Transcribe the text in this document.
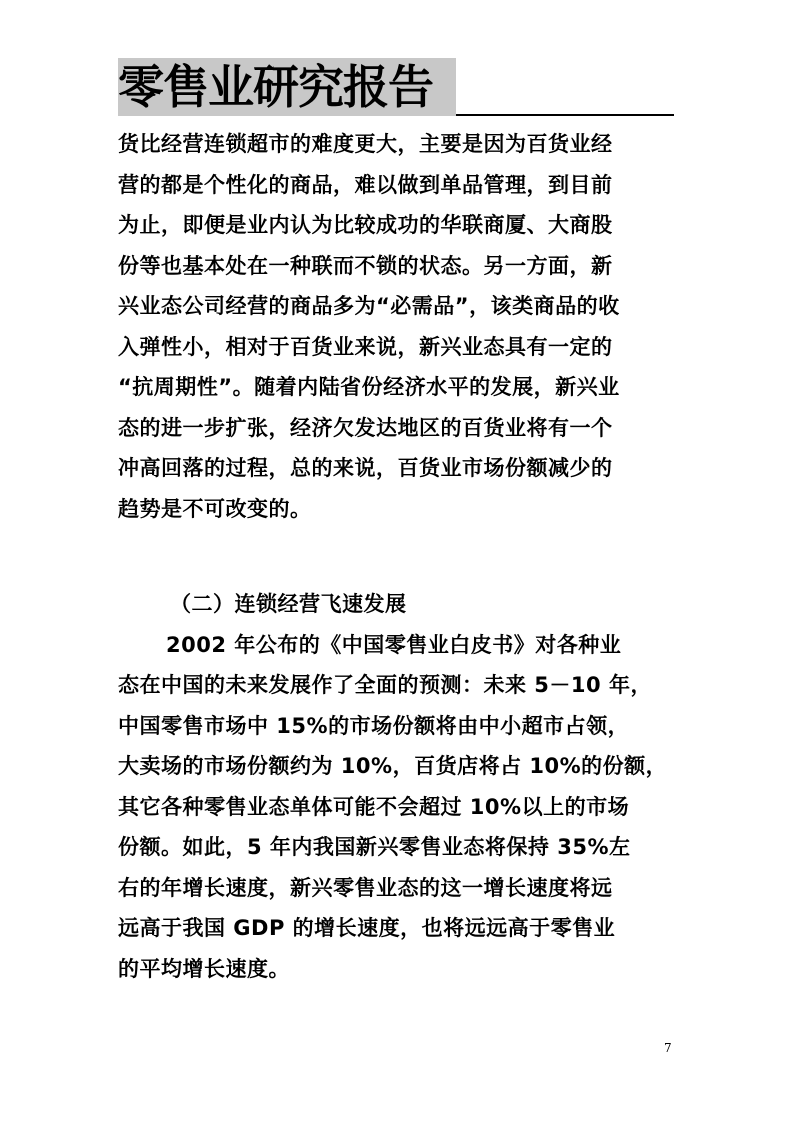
零售业研究报告
货比经营连锁超市的难度更大，主要是因为百货业经
营的都是个性化的商品，难以做到单品管理，到目前
为止，即便是业内认为比较成功的华联商厦、大商股
份等也基本处在一种联而不锁的状态。另一方面，新
兴业态公司经营的商品多为“必需品”，该类商品的收
入弹性小，相对于百货业来说，新兴业态具有一定的
“抗周期性”。随着内陆省份经济水平的发展，新兴业
态的进一步扩张，经济欠发达地区的百货业将有一个
冲高回落的过程，总的来说，百货业市场份额减少的
趋势是不可改变的。
（二）连锁经营飞速发展
2002 年公布的《中国零售业白皮书》对各种业
态在中国的未来发展作了全面的预测：未来 5－10 年，
中国零售市场中 15%的市场份额将由中小超市占领，
大卖场的市场份额约为 10%，百货店将占 10%的份额，
其它各种零售业态单体可能不会超过 10%以上的市场
份额。如此，5 年内我国新兴零售业态将保持 35%左
右的年增长速度，新兴零售业态的这一增长速度将远
远高于我国 GDP 的增长速度，也将远远高于零售业
的平均增长速度。
7
